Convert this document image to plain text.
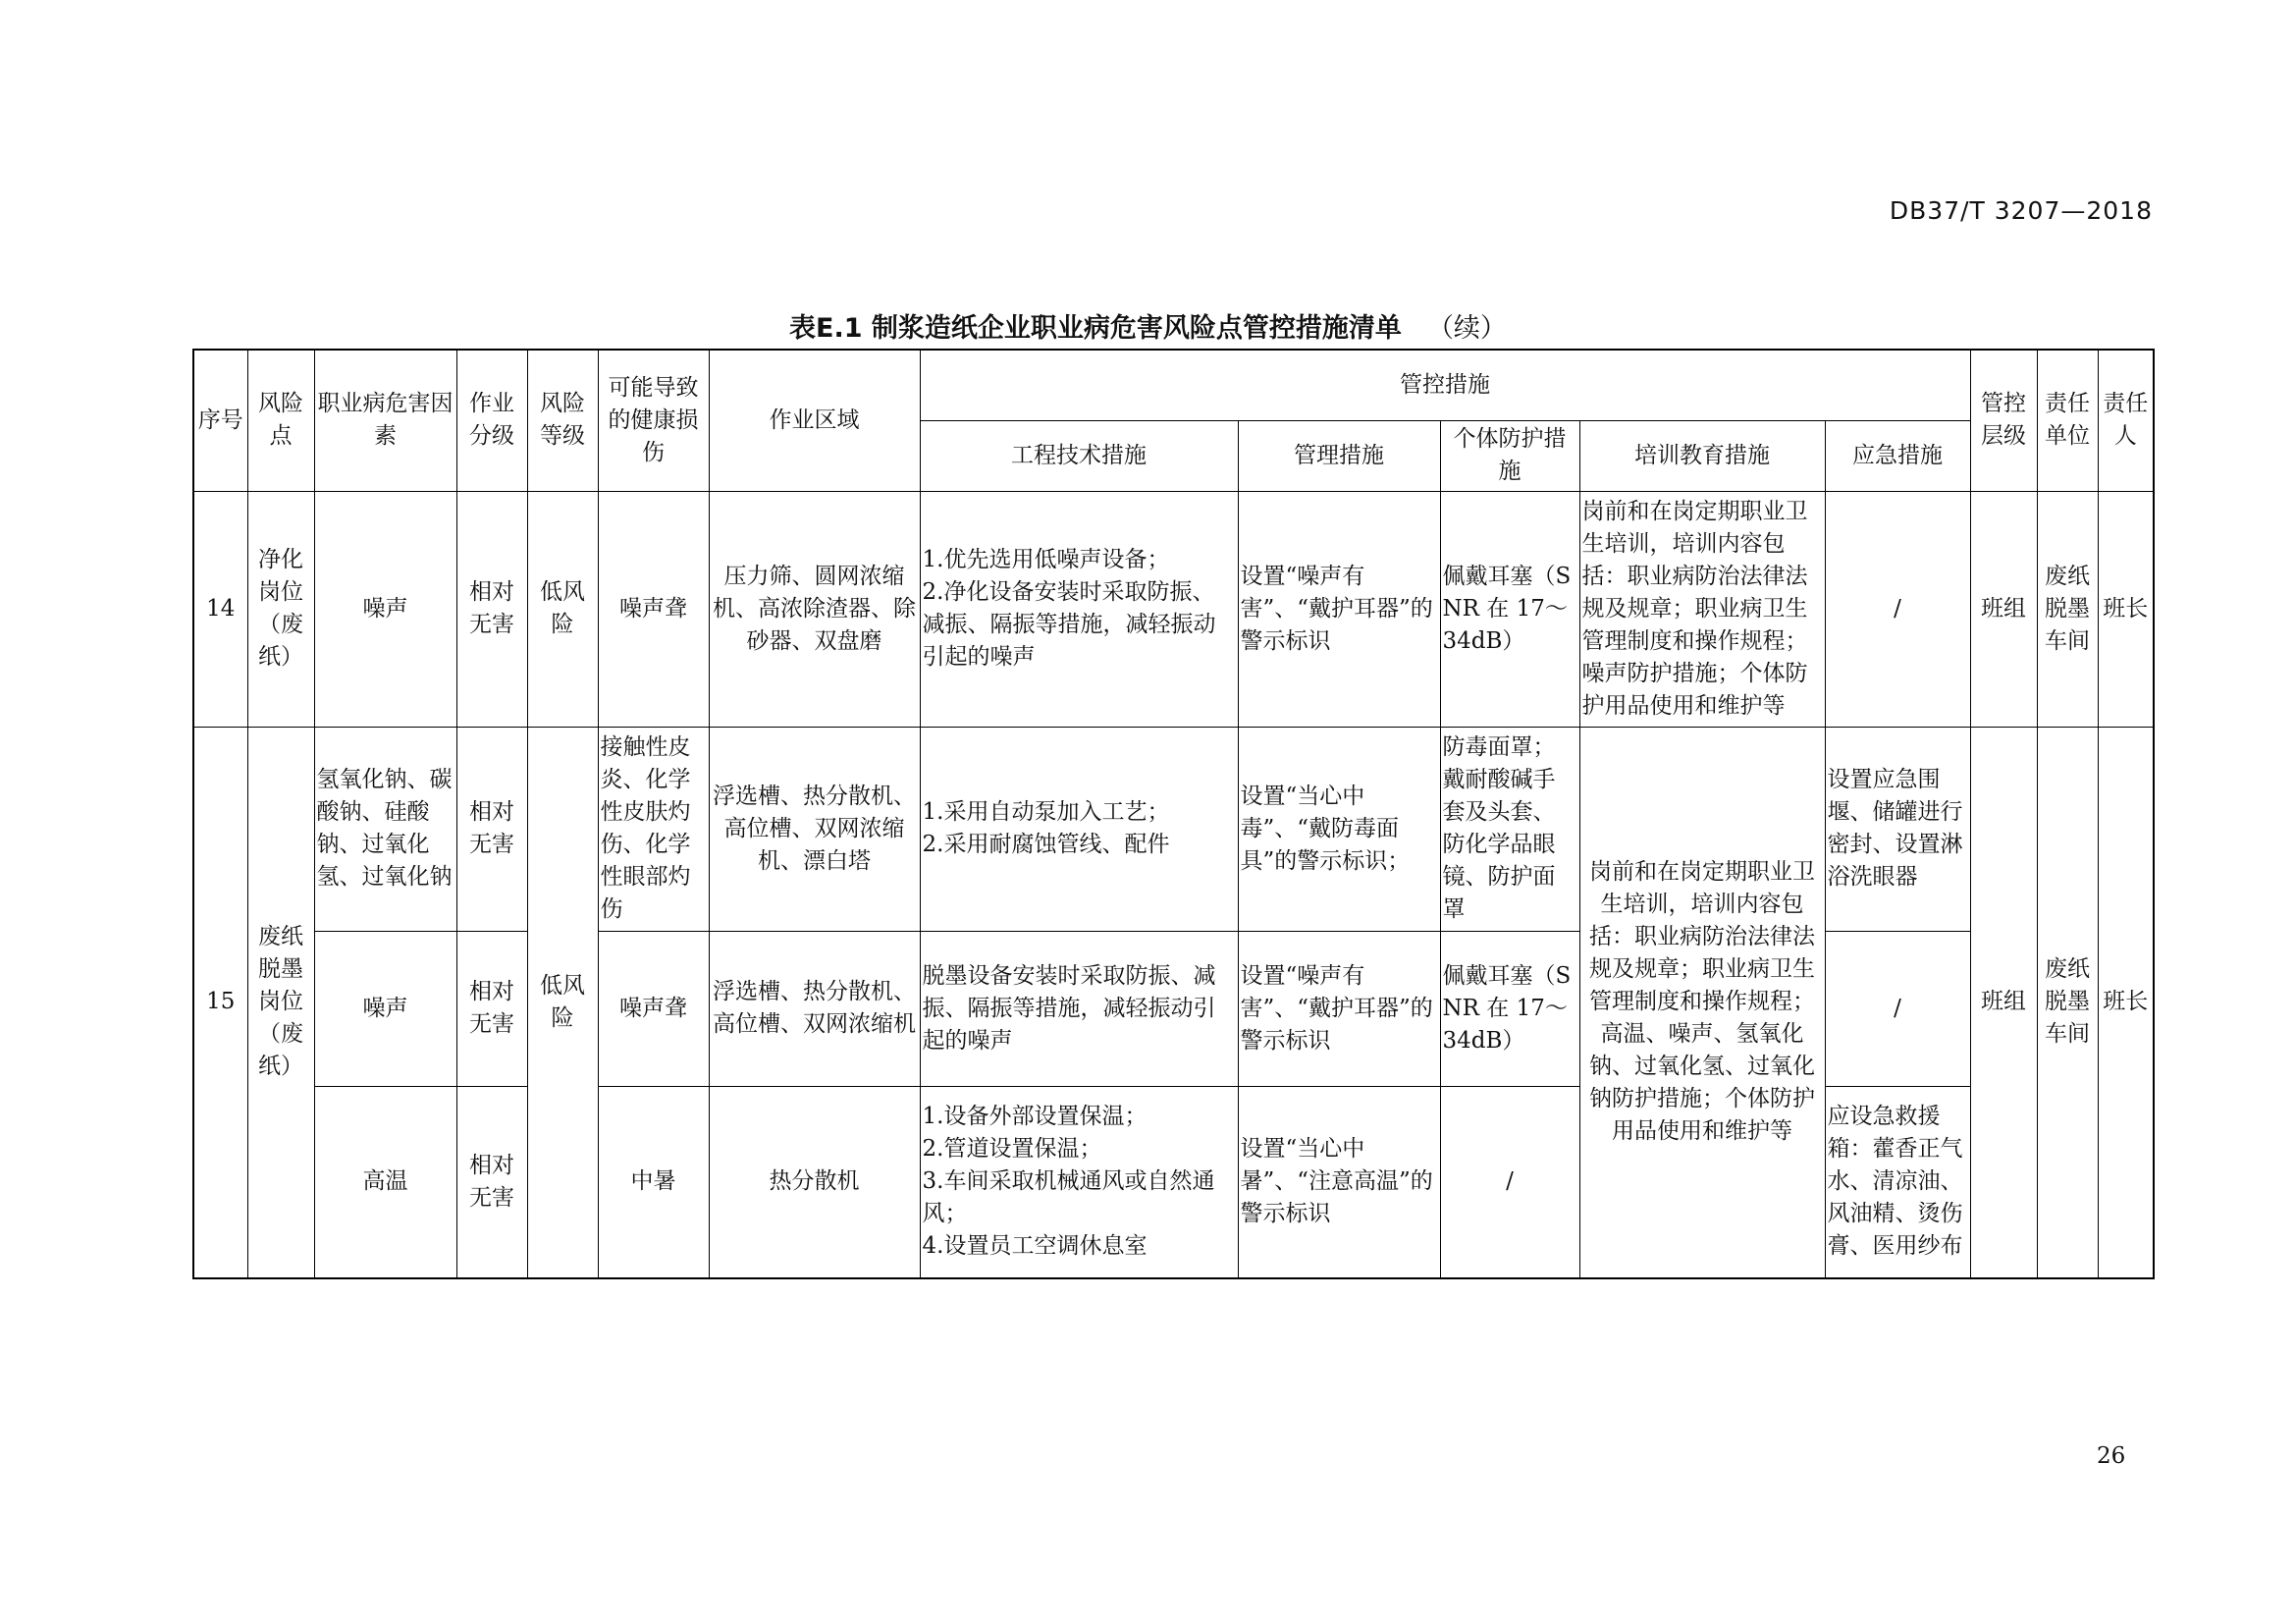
DB37/T 3207—2018
表E.1 制浆造纸企业职业病危害风险点管控措施清单 （续）
序号	风险点	职业病危害因素	作业分级	风险等级	可能导致的健康损伤	作业区域	管控措施					管控层级	责任单位	责任人
							工程技术措施	管理措施	个体防护措施	培训教育措施	应急措施			
14	净化岗位（废纸）	噪声	相对无害	低风险	噪声聋	压力筛、圆网浓缩机、高浓除渣器、除砂器、双盘磨	1.优先选用低噪声设备；
2.净化设备安装时采取防振、减振、隔振等措施，减轻振动引起的噪声	设置“噪声有害”、“戴护耳器”的警示标识	佩戴耳塞（SNR 在 17～34dB）	岗前和在岗定期职业卫生培训，培训内容包括：职业病防治法律法规及规章；职业病卫生管理制度和操作规程；噪声防护措施；个体防护用品使用和维护等	/	班组	废纸脱墨车间	班长
15	废纸脱墨岗位（废纸）	氢氧化钠、碳酸钠、硅酸钠、过氧化氢、过氧化钠	相对无害	低风险	接触性皮炎、化学性皮肤灼伤、化学性眼部灼伤	浮选槽、热分散机、高位槽、双网浓缩机、漂白塔	1.采用自动泵加入工艺；
2.采用耐腐蚀管线、配件	设置“当心中毒”、“戴防毒面具”的警示标识；	防毒面罩；戴耐酸碱手套及头套、防化学品眼镜、防护面罩	岗前和在岗定期职业卫生培训，培训内容包括：职业病防治法律法规及规章；职业病卫生管理制度和操作规程；高温、噪声、氢氧化钠、过氧化氢、过氧化钠防护措施；个体防护用品使用和维护等	设置应急围堰、储罐进行密封、设置淋浴洗眼器	班组	废纸脱墨车间	班长
		噪声	相对无害		噪声聋	浮选槽、热分散机、高位槽、双网浓缩机	脱墨设备安装时采取防振、减振、隔振等措施，减轻振动引起的噪声	设置“噪声有害”、“戴护耳器”的警示标识	佩戴耳塞（SNR 在 17～34dB）		/			
		高温	相对无害		中暑	热分散机	1.设备外部设置保温；
2.管道设置保温；
3.车间采取机械通风或自然通风；
4.设置员工空调休息室	设置“当心中暑”、“注意高温”的警示标识	/		应设急救援箱：藿香正气水、清凉油、风油精、烫伤膏、医用纱布			
26
